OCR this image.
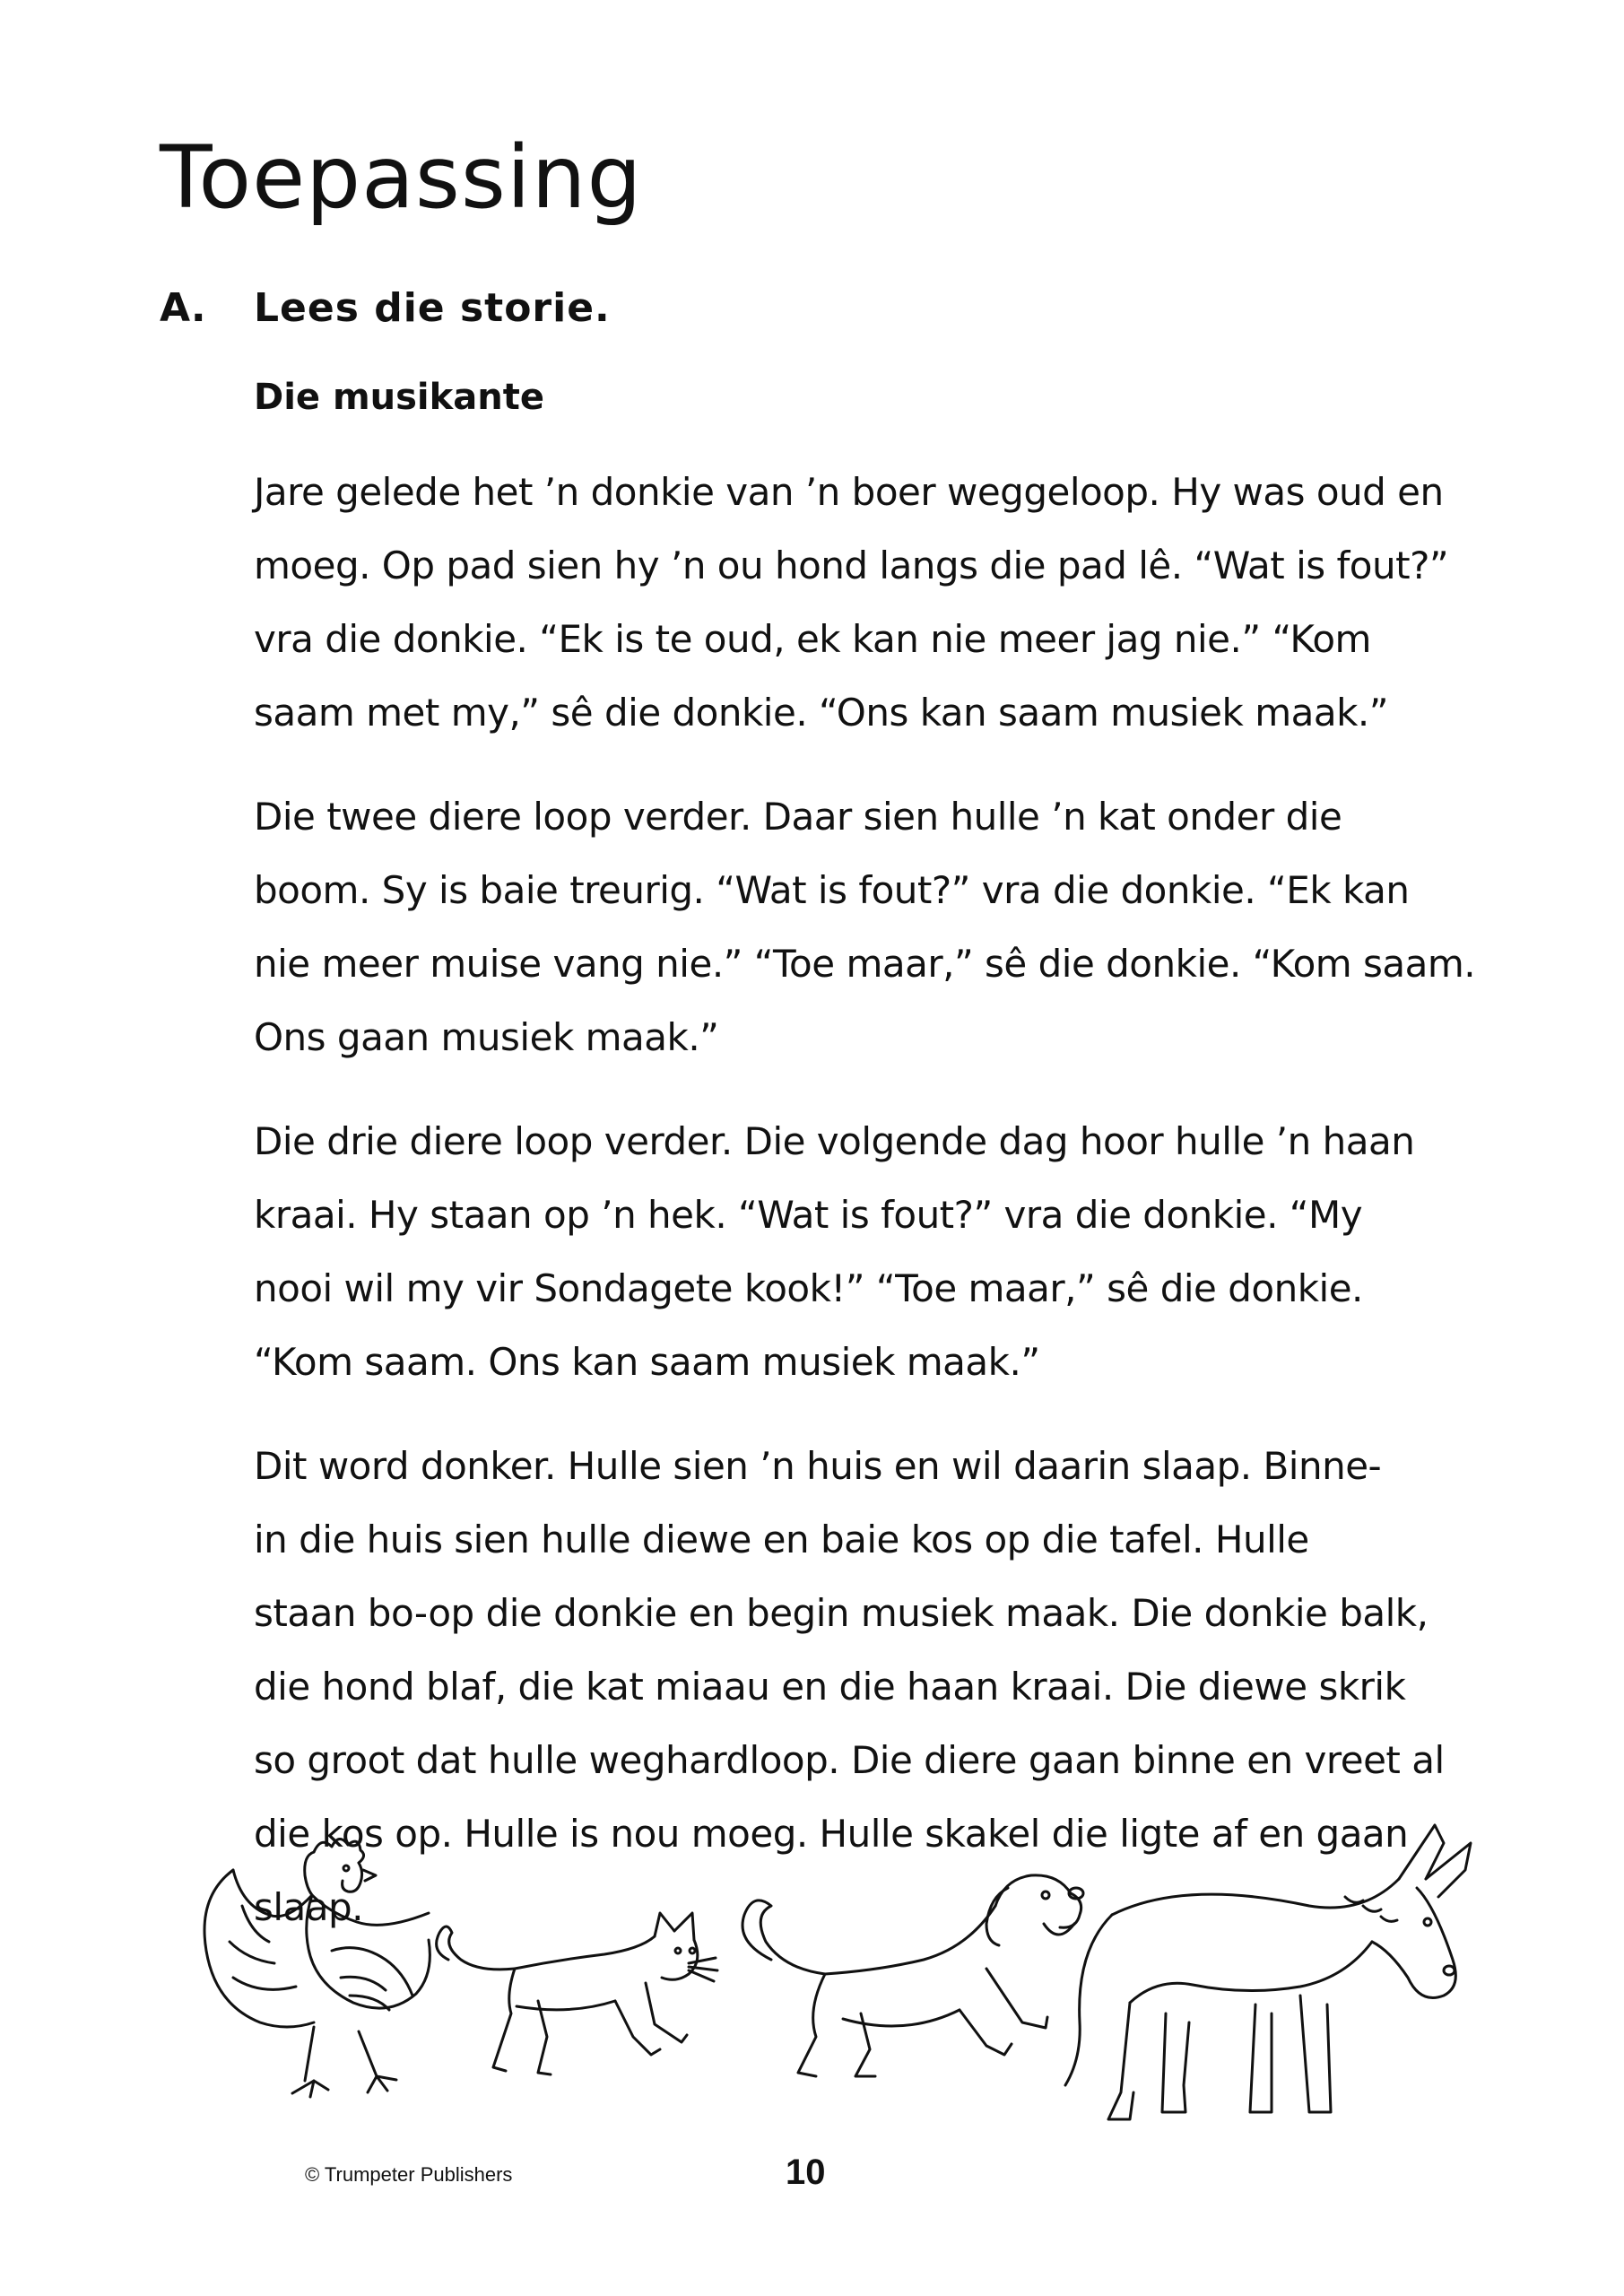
Toepassing
A. Lees die storie.
Die musikante
Jare gelede het ’n donkie van ’n boer weggeloop. Hy was oud en
moeg. Op pad sien hy ’n ou hond langs die pad lê. “Wat is fout?”
vra die donkie. “Ek is te oud, ek kan nie meer jag nie.” “Kom
saam met my,” sê die donkie. “Ons kan saam musiek maak.”
Die twee diere loop verder. Daar sien hulle ’n kat onder die
boom. Sy is baie treurig. “Wat is fout?” vra die donkie. “Ek kan
nie meer muise vang nie.” “Toe maar,” sê die donkie. “Kom saam.
Ons gaan musiek maak.”
Die drie diere loop verder. Die volgende dag hoor hulle ’n haan
kraai. Hy staan op ’n hek. “Wat is fout?” vra die donkie. “My
nooi wil my vir Sondagete kook!” “Toe maar,” sê die donkie.
“Kom saam. Ons kan saam musiek maak.”
Dit word donker. Hulle sien ’n huis en wil daarin slaap. Binne-
in die huis sien hulle diewe en baie kos op die tafel. Hulle
staan bo-op die donkie en begin musiek maak. Die donkie balk,
die hond blaf, die kat miaau en die haan kraai. Die diewe skrik
so groot dat hulle weghardloop. Die diere gaan binne en vreet al
die kos op. Hulle is nou moeg. Hulle skakel die ligte af en gaan
slaap.
© Trumpeter Publishers	10
